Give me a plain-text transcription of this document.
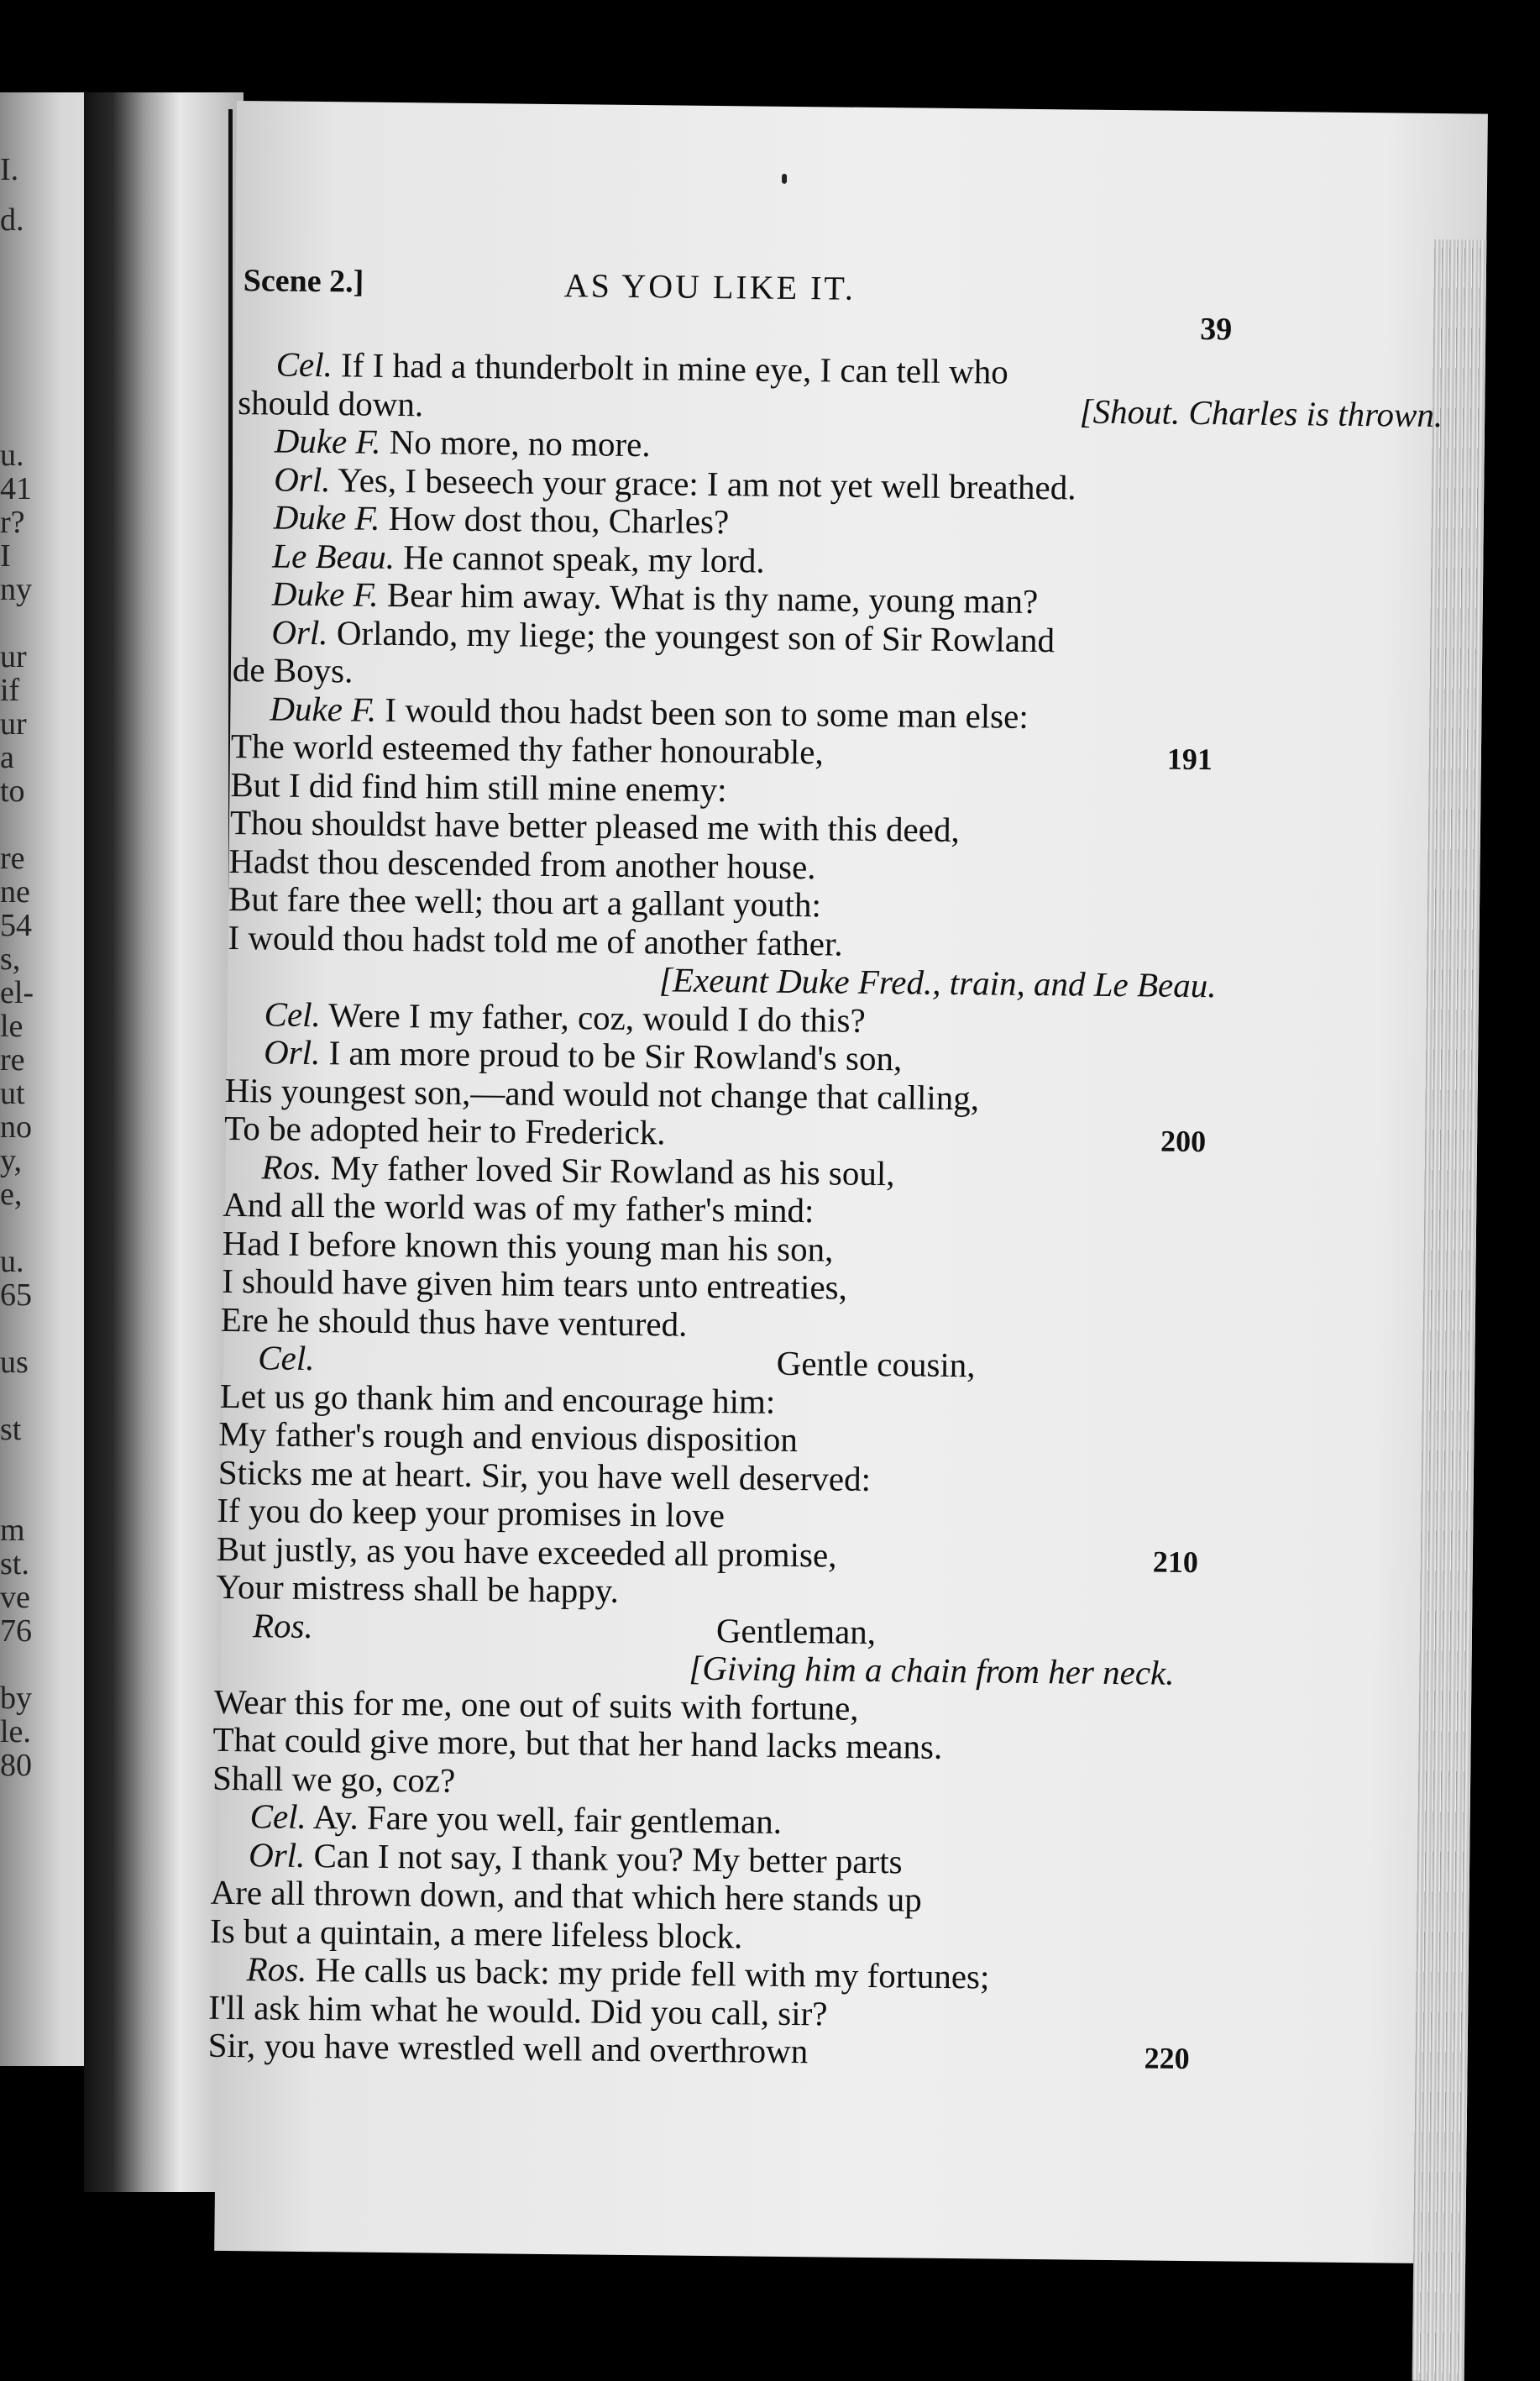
I.
d.
u.
41
r?
I
ny
ur
if
ur
a
to
re
ne
54
s,
el-
le
re
ut
no
y,
e,
u.
65
us
st
m
st.
ve
76
by
le.
80
Scene 2.]	AS YOU LIKE IT.
39
Cel. If I had a thunderbolt in mine eye, I can tell who
should down.	[Shout. Charles is thrown.
Duke F. No more, no more.
Orl. Yes, I beseech your grace: I am not yet well breathed.
Duke F. How dost thou, Charles?
Le Beau. He cannot speak, my lord.
Duke F. Bear him away. What is thy name, young man?
Orl. Orlando, my liege; the youngest son of Sir Rowland
de Boys.
Duke F. I would thou hadst been son to some man else:
The world esteemed thy father honourable,	191
But I did find him still mine enemy:
Thou shouldst have better pleased me with this deed,
Hadst thou descended from another house.
But fare thee well; thou art a gallant youth:
I would thou hadst told me of another father.
[Exeunt Duke Fred., train, and Le Beau.
Cel. Were I my father, coz, would I do this?
Orl. I am more proud to be Sir Rowland's son,
His youngest son,—and would not change that calling,
To be adopted heir to Frederick.	200
Ros. My father loved Sir Rowland as his soul,
And all the world was of my father's mind:
Had I before known this young man his son,
I should have given him tears unto entreaties,
Ere he should thus have ventured.
Cel.	Gentle cousin,
Let us go thank him and encourage him:
My father's rough and envious disposition
Sticks me at heart. Sir, you have well deserved:
If you do keep your promises in love
But justly, as you have exceeded all promise,	210
Your mistress shall be happy.
Ros.	Gentleman,
[Giving him a chain from her neck.
Wear this for me, one out of suits with fortune,
That could give more, but that her hand lacks means.
Shall we go, coz?
Cel. Ay. Fare you well, fair gentleman.
Orl. Can I not say, I thank you? My better parts
Are all thrown down, and that which here stands up
Is but a quintain, a mere lifeless block.
Ros. He calls us back: my pride fell with my fortunes;
I'll ask him what he would. Did you call, sir?
Sir, you have wrestled well and overthrown	220
